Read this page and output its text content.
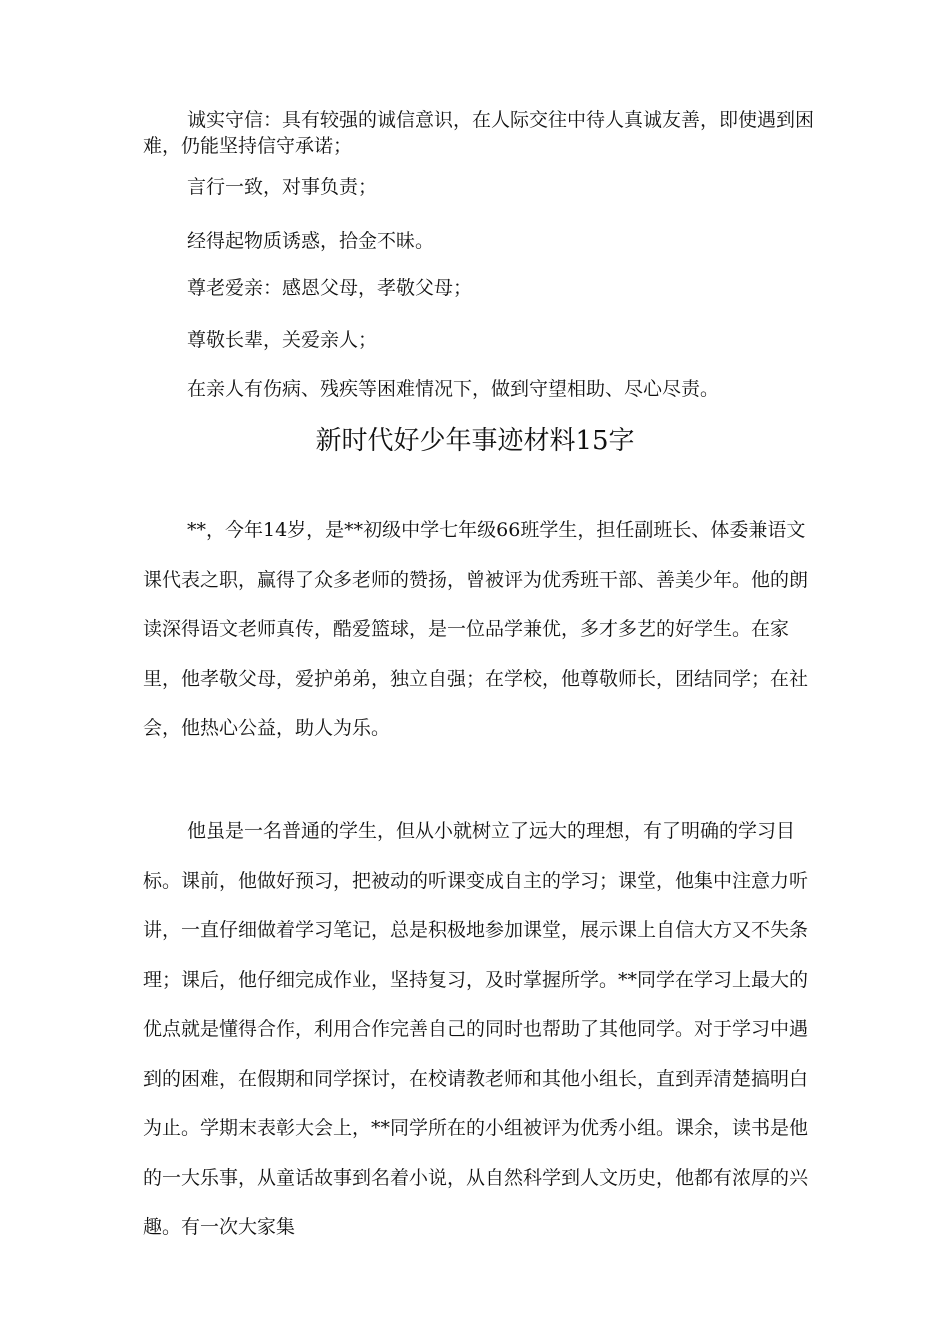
诚实守信：具有较强的诚信意识，在人际交往中待人真诚友善，即使遇到困难，仍能坚持信守承诺；

言行一致，对事负责；

经得起物质诱惑，拾金不昧。

尊老爱亲：感恩父母，孝敬父母；

尊敬长辈，关爱亲人；

在亲人有伤病、残疾等困难情况下，做到守望相助、尽心尽责。

新时代好少年事迹材料15字

**，今年14岁，是**初级中学七年级66班学生，担任副班长、体委兼语文课代表之职，赢得了众多老师的赞扬，曾被评为优秀班干部、善美少年。他的朗读深得语文老师真传，酷爱篮球，是一位品学兼优，多才多艺的好学生。在家里，他孝敬父母，爱护弟弟，独立自强；在学校，他尊敬师长，团结同学；在社会，他热心公益，助人为乐。

他虽是一名普通的学生，但从小就树立了远大的理想，有了明确的学习目标。课前，他做好预习，把被动的听课变成自主的学习；课堂，他集中注意力听讲，一直仔细做着学习笔记，总是积极地参加课堂，展示课上自信大方又不失条理；课后，他仔细完成作业，坚持复习，及时掌握所学。**同学在学习上最大的优点就是懂得合作，利用合作完善自己的同时也帮助了其他同学。对于学习中遇到的困难，在假期和同学探讨，在校请教老师和其他小组长，直到弄清楚搞明白为止。学期末表彰大会上，**同学所在的小组被评为优秀小组。课余，读书是他的一大乐事，从童话故事到名着小说，从自然科学到人文历史，他都有浓厚的兴趣。有一次大家集
